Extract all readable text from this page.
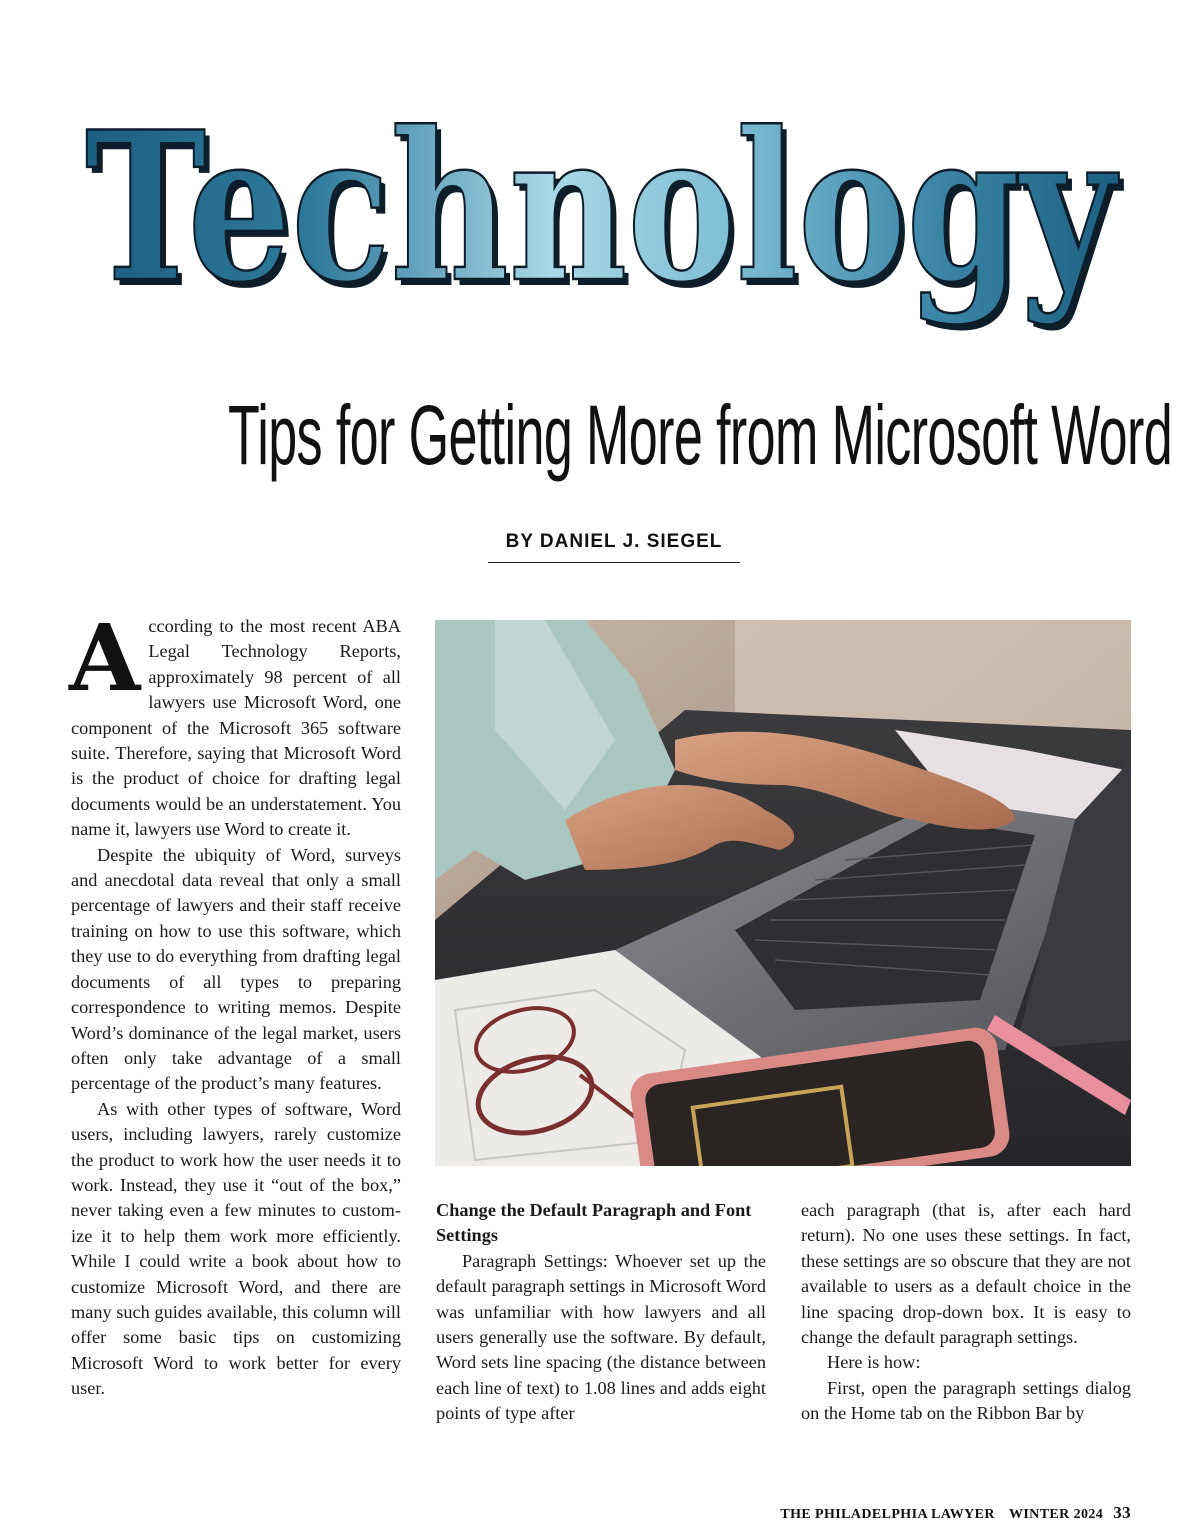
Technology
Technology
Tips for Getting More from Microsoft Word
BY DANIEL J. SIEGEL

According to the most recent ABA Legal Technology Reports, approximately 98 percent of all lawyers use Microsoft Word, one component of the Microsoft 365 software suite. Therefore, saying that Microsoft Word is the product of choice for drafting legal documents would be an understatement. You name it, lawyers use Word to create it.

Despite the ubiquity of Word, surveys and anecdotal data reveal that only a small percentage of lawyers and their staff receive training on how to use this software, which they use to do everything from drafting legal documents of all types to preparing correspondence to writing memos. Despite Word’s dominance of the legal market, users often only take advantage of a small percentage of the product’s many features.

As with other types of software, Word users, including lawyers, rarely customize the product to work how the user needs it to work. Instead, they use it “out of the box,” never taking even a few minutes to customize it to help them work more efficiently. While I could write a book about how to customize Microsoft Word, and there are many such guides available, this column will offer some basic tips on customizing Microsoft Word to work better for every user.

Change the Default Paragraph and Font Settings

Paragraph Settings: Whoever set up the default paragraph settings in Microsoft Word was unfamiliar with how lawyers and all users generally use the software. By default, Word sets line spacing (the distance between each line of text) to 1.08 lines and adds eight points of type after

each paragraph (that is, after each hard return). No one uses these settings. In fact, these settings are so obscure that they are not available to users as a default choice in the line spacing drop-down box. It is easy to change the default paragraph settings.

Here is how:

First, open the paragraph settings dialog on the Home tab on the Ribbon Bar by

THE PHILADELPHIA LAWYER WINTER 2024 33
